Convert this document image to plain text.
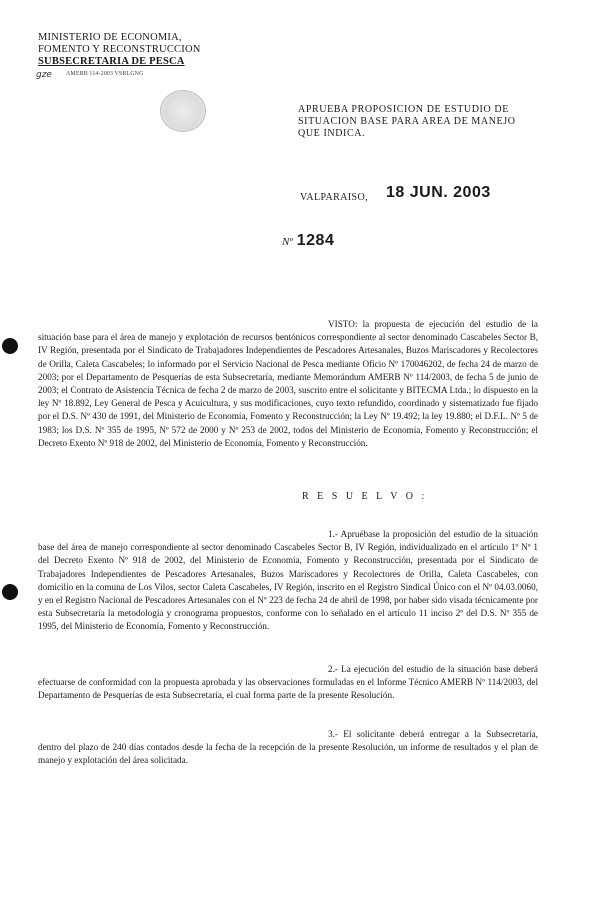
MINISTERIO DE ECONOMIA,
FOMENTO Y RECONSTRUCCION
SUBSECRETARIA DE PESCA
gze AMERB 114-2003 VSRLGNG
APRUEBA PROPOSICION DE ESTUDIO DE
SITUACION BASE PARA AREA DE MANEJO
QUE INDICA.
VALPARAISO, 18 JUN. 2003
Nº 1284
VISTO: la propuesta de ejecución del estudio de la situación base para el área de manejo y explotación de recursos bentónicos correspondiente al sector denominado Cascabeles Sector B, IV Región, presentada por el Sindicato de Trabajadores Independientes de Pescadores Artesanales, Buzos Mariscadores y Recolectores de Orilla, Caleta Cascabeles; lo informado por el Servicio Nacional de Pesca mediante Oficio Nº 170046202, de fecha 24 de marzo de 2003; por el Departamento de Pesquerías de esta Subsecretaría, mediante Memorándum AMERB Nº 114/2003, de fecha 5 de junio de 2003; el Contrato de Asistencia Técnica de fecha 2 de marzo de 2003, suscrito entre el solicitante y BITECMA Ltda.; lo dispuesto en la ley Nº 18.892, Ley General de Pesca y Acuicultura, y sus modificaciones, cuyo texto refundido, coordinado y sistematizado fue fijado por el D.S. Nº 430 de 1991, del Ministerio de Economía, Fomento y Reconstrucción; la Ley Nº 19.492; la ley 19.880; el D.F.L. Nº 5 de 1983; los D.S. Nº 355 de 1995, Nº 572 de 2000 y Nº 253 de 2002, todos del Ministerio de Economía, Fomento y Reconstrucción; el Decreto Exento Nº 918 de 2002, del Ministerio de Economía, Fomento y Reconstrucción.
R E S U E L V O :
1.- Apruébase la proposición del estudio de la situación base del área de manejo correspondiente al sector denominado Cascabeles Sector B, IV Región, individualizado en el artículo 1º Nº 1 del Decreto Exento Nº 918 de 2002, del Ministerio de Economía, Fomento y Reconstrucción, presentada por el Sindicato de Trabajadores Independientes de Pescadores Artesanales, Buzos Mariscadores y Recolectores de Orilla, Caleta Cascabeles, con domicilio en la comuna de Los Vilos, sector Caleta Cascabeles, IV Región, inscrito en el Registro Sindical Único con el Nº 04.03.0060, y en el Registro Nacional de Pescadores Artesanales con el Nº 223 de fecha 24 de abril de 1998, por haber sido visada técnicamente por esta Subsecretaría la metodología y cronograma propuestos, conforme con lo señalado en el artículo 11 inciso 2º del D.S. Nº 355 de 1995, del Ministerio de Economía, Fomento y Reconstrucción.
2.- La ejecución del estudio de la situación base deberá efectuarse de conformidad con la propuesta aprobada y las observaciones formuladas en el Informe Técnico AMERB Nº 114/2003, del Departamento de Pesquerías de esta Subsecretaría, el cual forma parte de la presente Resolución.
3.- El solicitante deberá entregar a la Subsecretaría, dentro del plazo de 240 días contados desde la fecha de la recepción de la presente Resolución, un informe de resultados y el plan de manejo y explotación del área solicitada.
